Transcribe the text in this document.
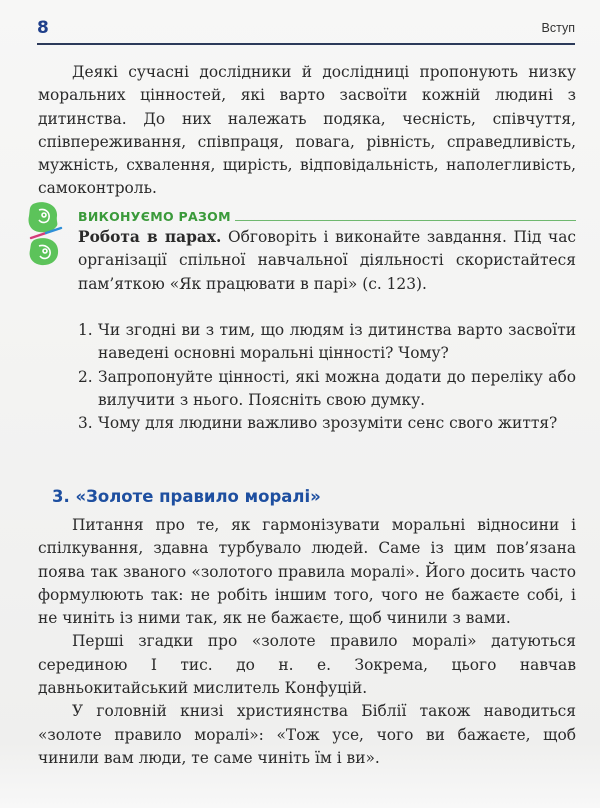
8	Вступ

Деякі сучасні дослідники й дослідниці пропонують низку моральних цінностей, які варто засвоїти кожній людині з дитинства. До них належать подяка, чесність, співчуття, співпереживання, співпраця, повага, рівність, справедливість, мужність, схвалення, щирість, відповідальність, наполегливість, самоконтроль.

ВИКОНУЄМО РАЗОМ

Робота в парах. Обговоріть і виконайте завдання. Під час організації спільної навчальної діяльності скористайтеся пам’яткою «Як працювати в парі» (с. 123).

1. Чи згодні ви з тим, що людям із дитинства варто засвоїти наведені основні моральні цінності? Чому?
2. Запропонуйте цінності, які можна додати до переліку або вилучити з нього. Поясніть свою думку.
3. Чому для людини важливо зрозуміти сенс свого життя?
3. «Золоте правило моралі»

Питання про те, як гармонізувати моральні відносини і спілкування, здавна турбувало людей. Саме із цим пов’язана поява так званого «золотого правила моралі». Його досить часто формулюють так: не робіть іншим того, чого не бажаєте собі, і не чиніть із ними так, як не бажаєте, щоб чинили з вами.

Перші згадки про «золоте правило моралі» датуються серединою І тис. до н. е. Зокрема, цього навчав давньокитайський мислитель Конфуцій.

У головній книзі християнства Біблії також наводиться «золоте правило моралі»: «Тож усе, чого ви бажаєте, щоб чинили вам люди, те саме чиніть їм і ви».
